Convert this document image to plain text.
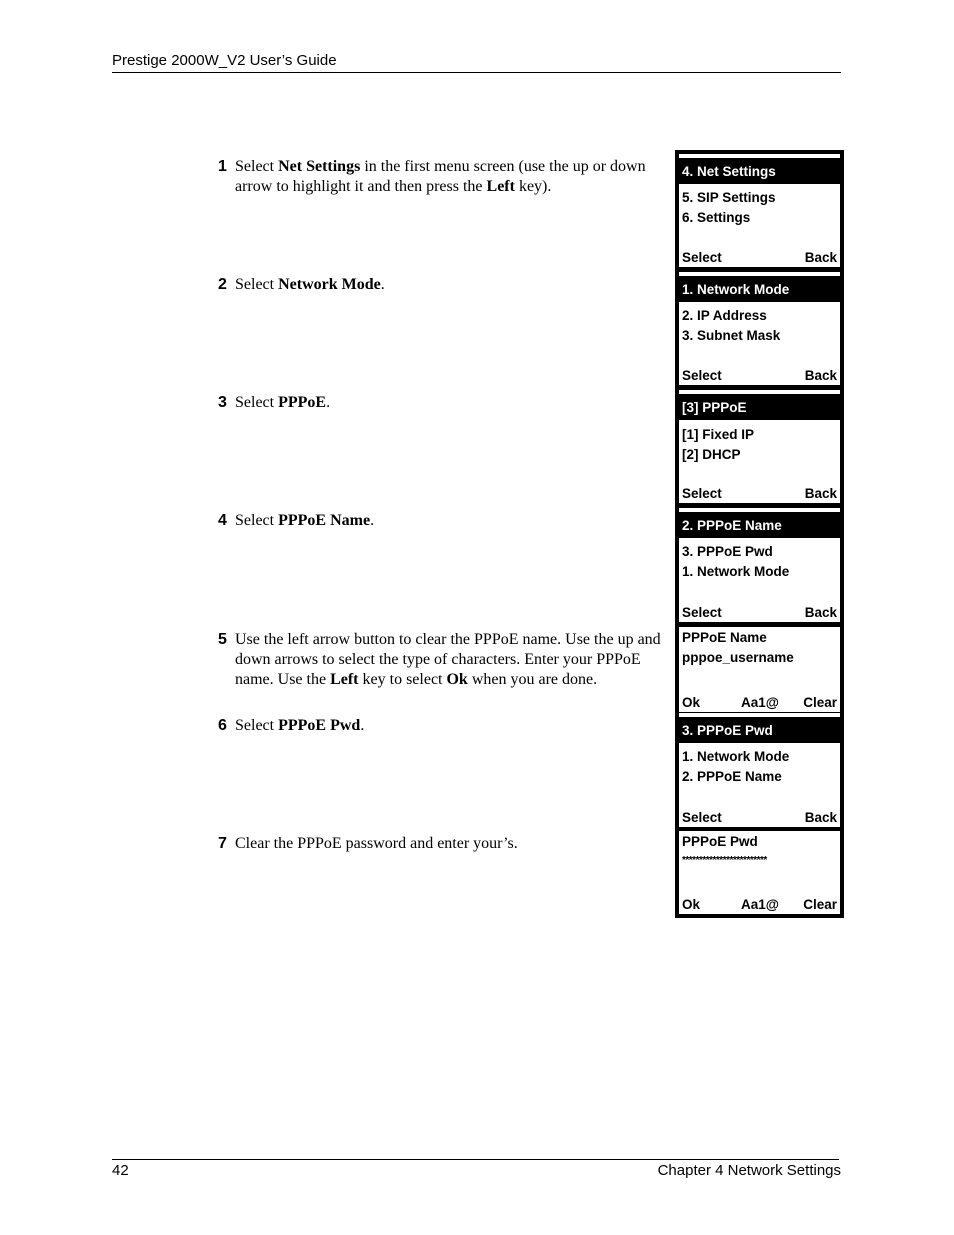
Prestige 2000W_V2 User’s Guide
1 Select Net Settings in the first menu screen (use the up or down arrow to highlight it and then press the Left key).
2 Select Network Mode.
3 Select PPPoE.
4 Select PPPoE Name.
5 Use the left arrow button to clear the PPPoE name. Use the up and down arrows to select the type of characters. Enter your PPPoE name. Use the Left key to select Ok when you are done.
6 Select PPPoE Pwd.
7 Clear the PPPoE password and enter your’s.
4. Net Settings
5. SIP Settings
6. Settings
Select	Back
1. Network Mode
2. IP Address
3. Subnet Mask
Select	Back
[3] PPPoE
[1] Fixed IP
[2] DHCP
Select	Back
2. PPPoE Name
3. PPPoE Pwd
1. Network Mode
Select	Back
PPPoE Name
pppoe_username
Ok	Aa1@ Clear
3. PPPoE Pwd
1. Network Mode
2. PPPoE Name
Select	Back
PPPoE Pwd
*************************
Ok	Aa1@ Clear
42	Chapter 4 Network Settings
